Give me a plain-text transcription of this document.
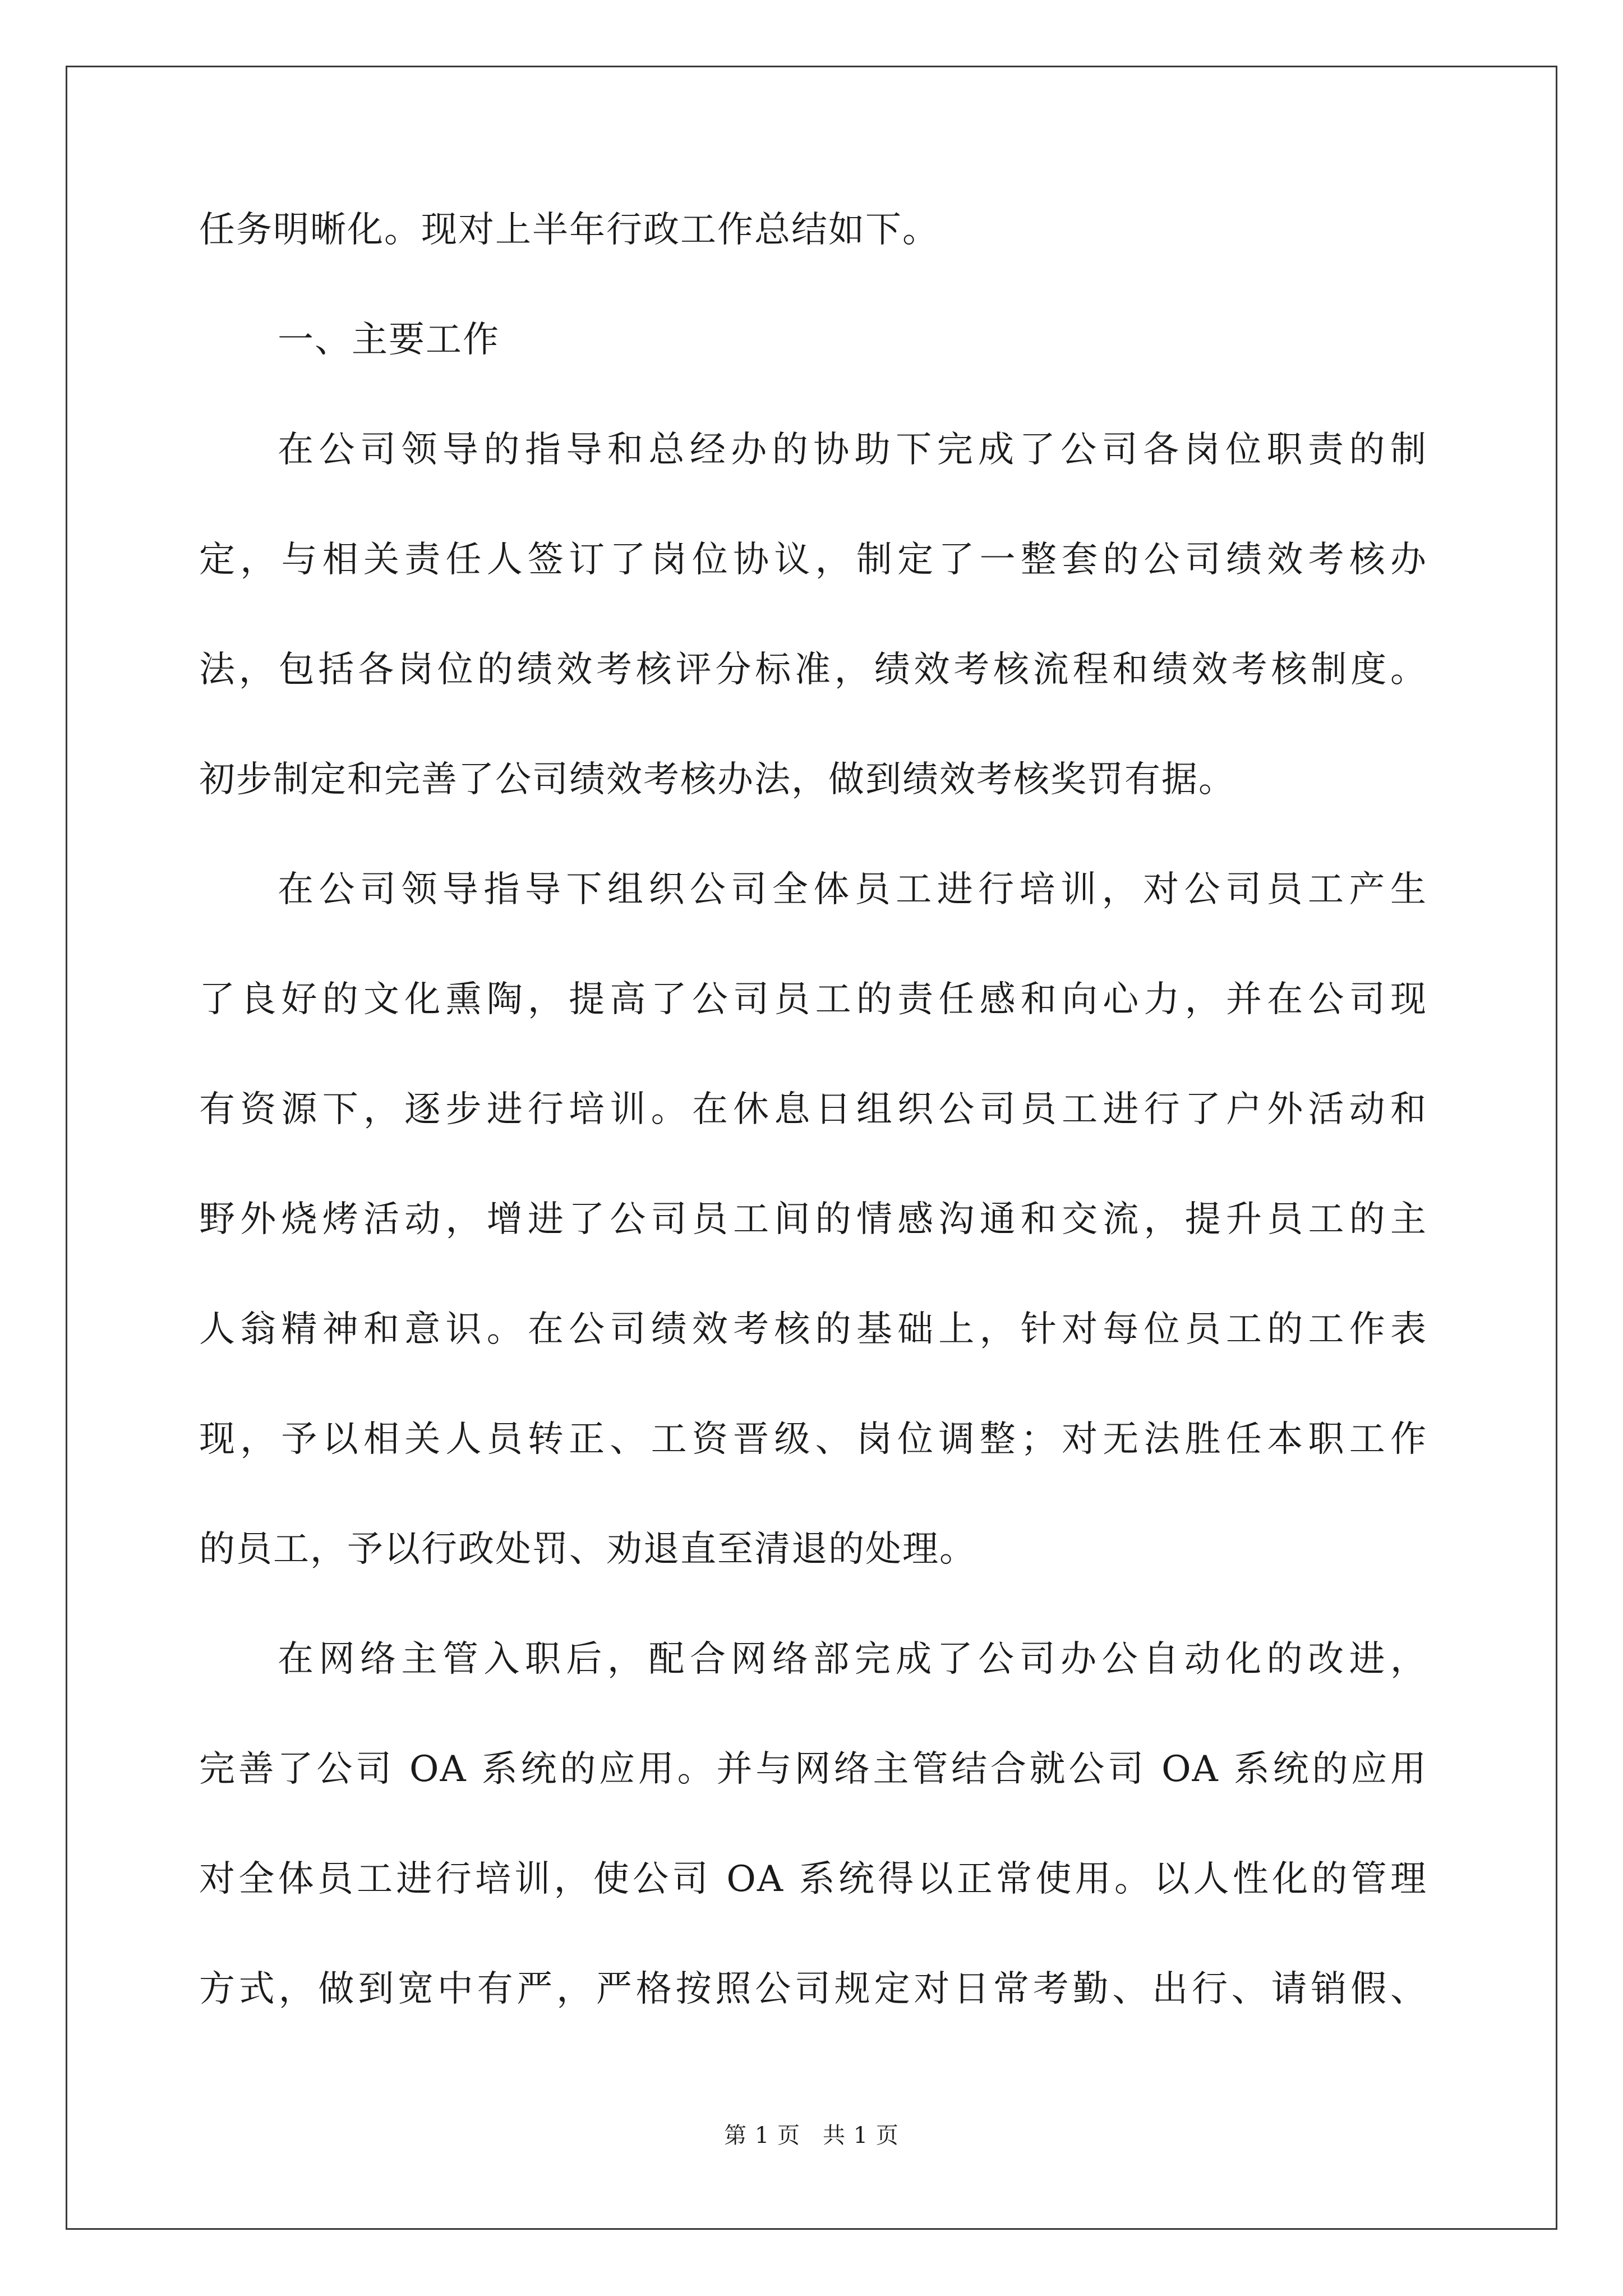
任务明晰化。现对上半年行政工作总结如下。
一、主要工作
在公司领导的指导和总经办的协助下完成了公司各岗位职责的制
定，与相关责任人签订了岗位协议，制定了一整套的公司绩效考核办
法，包括各岗位的绩效考核评分标准，绩效考核流程和绩效考核制度。
初步制定和完善了公司绩效考核办法，做到绩效考核奖罚有据。
在公司领导指导下组织公司全体员工进行培训，对公司员工产生
了良好的文化熏陶，提高了公司员工的责任感和向心力，并在公司现
有资源下，逐步进行培训。在休息日组织公司员工进行了户外活动和
野外烧烤活动，增进了公司员工间的情感沟通和交流，提升员工的主
人翁精神和意识。在公司绩效考核的基础上，针对每位员工的工作表
现，予以相关人员转正、工资晋级、岗位调整；对无法胜任本职工作
的员工，予以行政处罚、劝退直至清退的处理。
在网络主管入职后，配合网络部完成了公司办公自动化的改进，
完善了公司 OA 系统的应用。并与网络主管结合就公司 OA 系统的应用
对全体员工进行培训，使公司 OA 系统得以正常使用。以人性化的管理
方式，做到宽中有严，严格按照公司规定对日常考勤、出行、请销假、
第 1 页 共 1 页
